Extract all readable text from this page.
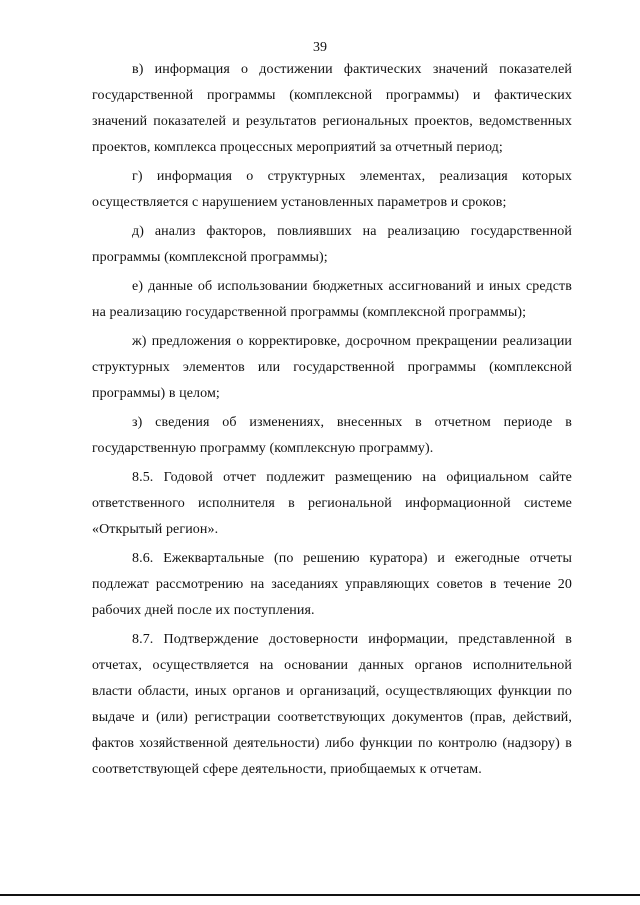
39

в) информация о достижении фактических значений показателей государственной программы (комплексной программы) и фактических значений показателей и результатов региональных проектов, ведомственных проектов, комплекса процессных мероприятий за отчетный период;

г) информация о структурных элементах, реализация которых осуществляется с нарушением установленных параметров и сроков;

д) анализ факторов, повлиявших на реализацию государственной программы (комплексной программы);

е) данные об использовании бюджетных ассигнований и иных средств на реализацию государственной программы (комплексной программы);

ж) предложения о корректировке, досрочном прекращении реализации структурных элементов или государственной программы (комплексной программы) в целом;

з) сведения об изменениях, внесенных в отчетном периоде в государственную программу (комплексную программу).

8.5. Годовой отчет подлежит размещению на официальном сайте ответственного исполнителя в региональной информационной системе «Открытый регион».

8.6. Ежеквартальные (по решению куратора) и ежегодные отчеты подлежат рассмотрению на заседаниях управляющих советов в течение 20 рабочих дней после их поступления.

8.7. Подтверждение достоверности информации, представленной в отчетах, осуществляется на основании данных органов исполнительной власти области, иных органов и организаций, осуществляющих функции по выдаче и (или) регистрации соответствующих документов (прав, действий, фактов хозяйственной деятельности) либо функции по контролю (надзору) в соответствующей сфере деятельности, приобщаемых к отчетам.
